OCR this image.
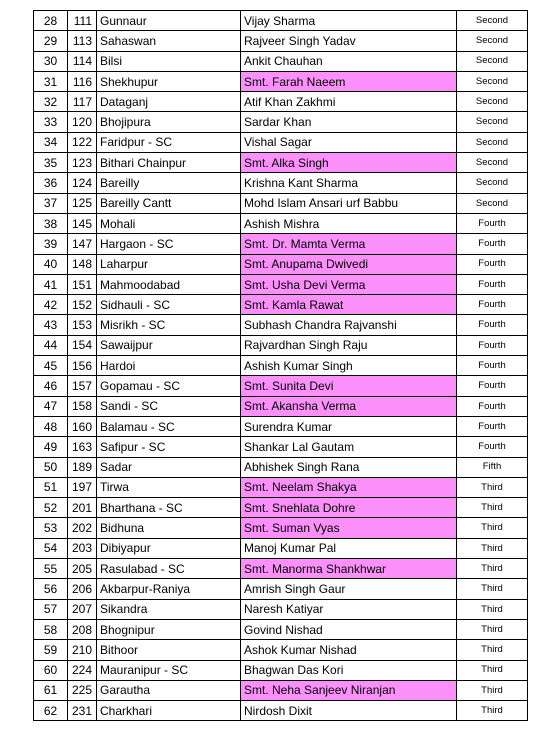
28	111	Gunnaur	Vijay Sharma	Second
29	113	Sahaswan	Rajveer Singh Yadav	Second
30	114	Bilsi	Ankit Chauhan	Second
31	116	Shekhupur	Smt. Farah Naeem	Second
32	117	Dataganj	Atif Khan Zakhmi	Second
33	120	Bhojipura	Sardar Khan	Second
34	122	Faridpur - SC	Vishal Sagar	Second
35	123	Bithari Chainpur	Smt. Alka Singh	Second
36	124	Bareilly	Krishna Kant Sharma	Second
37	125	Bareilly Cantt	Mohd Islam Ansari urf Babbu	Second
38	145	Mohali	Ashish Mishra	Fourth
39	147	Hargaon - SC	Smt. Dr. Mamta Verma	Fourth
40	148	Laharpur	Smt. Anupama Dwivedi	Fourth
41	151	Mahmoodabad	Smt. Usha Devi Verma	Fourth
42	152	Sidhauli - SC	Smt. Kamla Rawat	Fourth
43	153	Misrikh - SC	Subhash Chandra Rajvanshi	Fourth
44	154	Sawaijpur	Rajvardhan Singh Raju	Fourth
45	156	Hardoi	Ashish Kumar Singh	Fourth
46	157	Gopamau - SC	Smt. Sunita Devi	Fourth
47	158	Sandi - SC	Smt. Akansha Verma	Fourth
48	160	Balamau - SC	Surendra Kumar	Fourth
49	163	Safipur - SC	Shankar Lal Gautam	Fourth
50	189	Sadar	Abhishek Singh Rana	Fifth
51	197	Tirwa	Smt. Neelam Shakya	Third
52	201	Bharthana - SC	Smt. Snehlata Dohre	Third
53	202	Bidhuna	Smt. Suman Vyas	Third
54	203	Dibiyapur	Manoj Kumar Pal	Third
55	205	Rasulabad - SC	Smt. Manorma Shankhwar	Third
56	206	Akbarpur-Raniya	Amrish Singh Gaur	Third
57	207	Sikandra	Naresh Katiyar	Third
58	208	Bhognipur	Govind Nishad	Third
59	210	Bithoor	Ashok Kumar Nishad	Third
60	224	Mauranipur - SC	Bhagwan Das Kori	Third
61	225	Garautha	Smt. Neha Sanjeev Niranjan	Third
62	231	Charkhari	Nirdosh Dixit	Third
